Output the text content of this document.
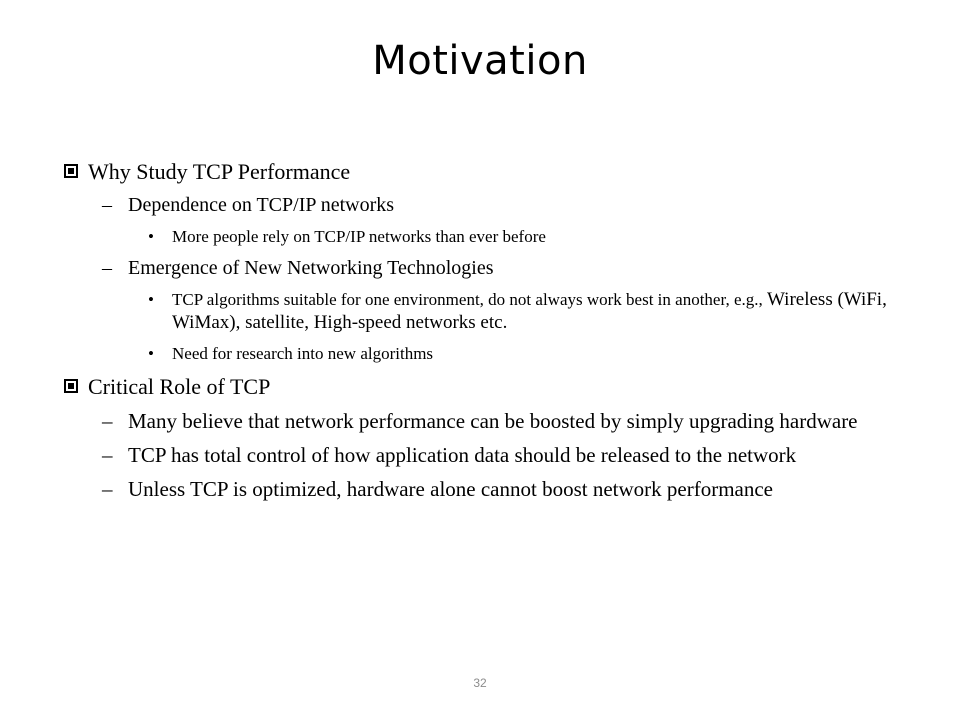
Motivation
Why Study TCP Performance
– Dependence on TCP/IP networks
• More people rely on TCP/IP networks than ever before
– Emergence of New Networking Technologies
• TCP algorithms suitable for one environment, do not always work best in another, e.g., Wireless (WiFi, WiMax), satellite, High-speed networks etc.
• Need for research into new algorithms
Critical Role of TCP
– Many believe that network performance can be boosted by simply upgrading hardware
– TCP has total control of how application data should be released to the network
– Unless TCP is optimized, hardware alone cannot boost network performance
32
